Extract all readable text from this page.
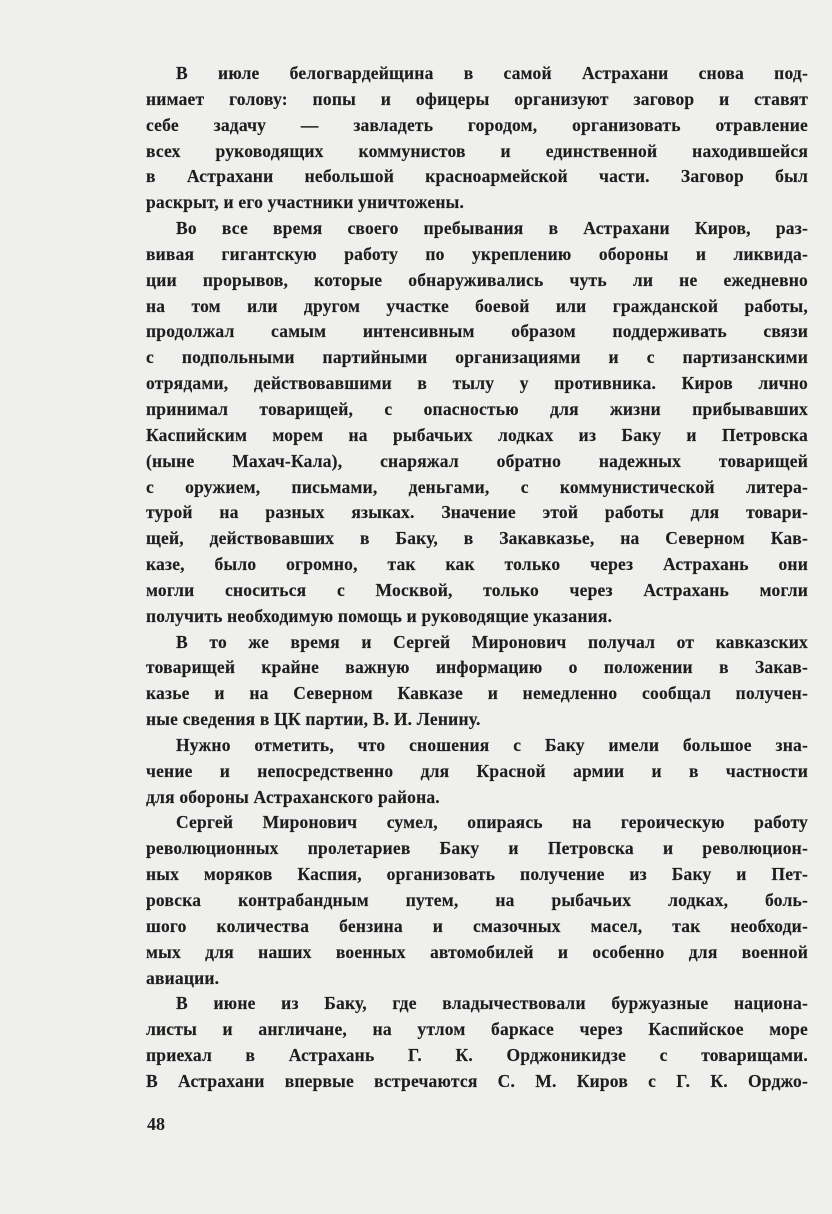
В июле белогвардейщина в самой Астрахани снова под-
нимает голову: попы и офицеры организуют заговор и ставят
себе задачу — завладеть городом, организовать отравление
всех руководящих коммунистов и единственной находившейся
в Астрахани небольшой красноармейской части. Заговор был
раскрыт, и его участники уничтожены.
Во все время своего пребывания в Астрахани Киров, раз-
вивая гигантскую работу по укреплению обороны и ликвида-
ции прорывов, которые обнаруживались чуть ли не ежедневно
на том или другом участке боевой или гражданской работы,
продолжал самым интенсивным образом поддерживать связи
с подпольными партийными организациями и с партизанскими
отрядами, действовавшими в тылу у противника. Киров лично
принимал товарищей, с опасностью для жизни прибывавших
Каспийским морем на рыбачьих лодках из Баку и Петровска
(ныне Махач-Кала), снаряжал обратно надежных товарищей
с оружием, письмами, деньгами, с коммунистической литера-
турой на разных языках. Значение этой работы для товари-
щей, действовавших в Баку, в Закавказье, на Северном Кав-
казе, было огромно, так как только через Астрахань они
могли сноситься с Москвой, только через Астрахань могли
получить необходимую помощь и руководящие указания.
В то же время и Сергей Миронович получал от кавказских
товарищей крайне важную информацию о положении в Закав-
казье и на Северном Кавказе и немедленно сообщал получен-
ные сведения в ЦК партии, В. И. Ленину.
Нужно отметить, что сношения с Баку имели большое зна-
чение и непосредственно для Красной армии и в частности
для обороны Астраханского района.
Сергей Миронович сумел, опираясь на героическую работу
революционных пролетариев Баку и Петровска и революцион-
ных моряков Каспия, организовать получение из Баку и Пет-
ровска контрабандным путем, на рыбачьих лодках, боль-
шого количества бензина и смазочных масел, так необходи-
мых для наших военных автомобилей и особенно для военной
авиации.
В июне из Баку, где владычествовали буржуазные национа-
листы и англичане, на утлом баркасе через Каспийское море
приехал в Астрахань Г. К. Орджоникидзе с товарищами.
В Астрахани впервые встречаются С. М. Киров с Г. К. Орджо-
48
